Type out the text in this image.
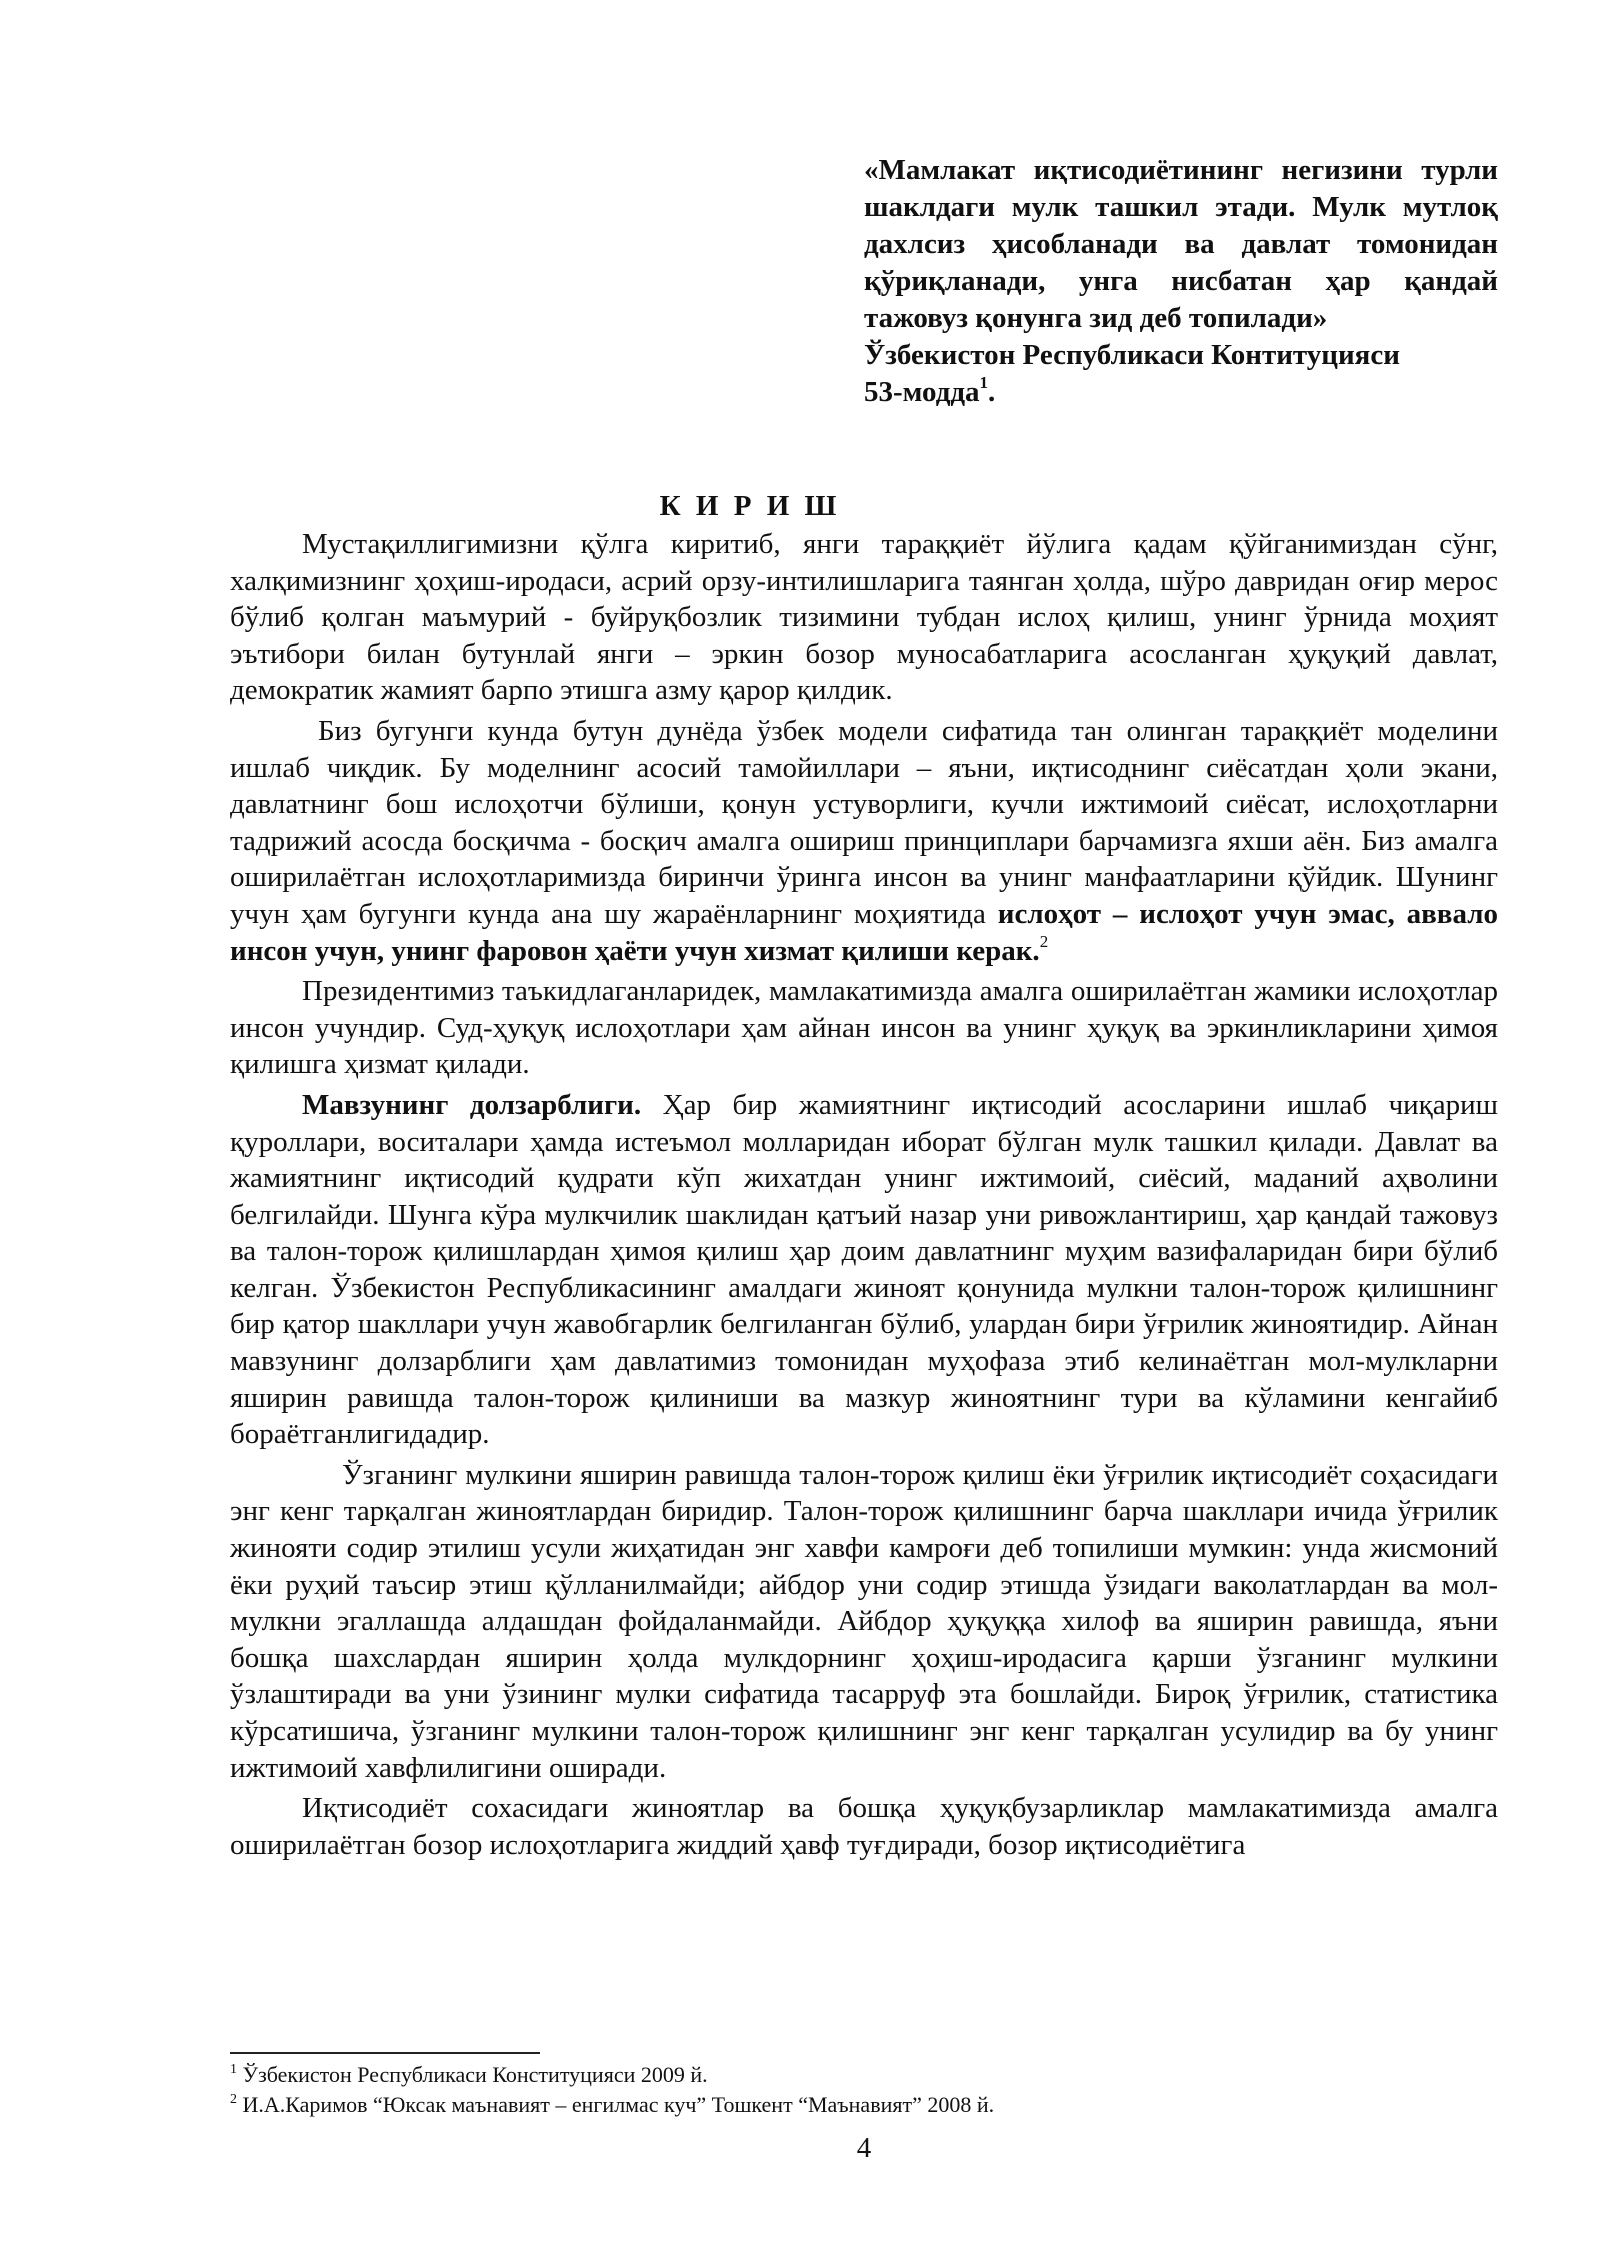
«Мамлакат иқтисодиётининг негизини турли шаклдаги мулк ташкил этади. Мулк мутлоқ дахлсиз ҳисобланади ва давлат томонидан қўриқланади, унга нисбатан ҳар қандай тажовуз қонунга зид деб топилади»

Ўзбекистон Республикаси Контитуцияси
53-модда$^1$.

К И Р И Ш

Мустақиллигимизни қўлга киритиб, янги тараққиёт йўлига қадам қўйганимиздан сўнг, халқимизнинг ҳоҳиш-иродаси, асрий орзу-интилишларига таянган ҳолда, шўро давридан оғир мерос бўлиб қолган маъмурий - буйруқбозлик тизимини тубдан ислоҳ қилиш, унинг ўрнида моҳият эътибори билан бутунлай янги – эркин бозор муносабатларига асосланган ҳуқуқий давлат, демократик жамият барпо этишга азму қарор қилдик.

Биз бугунги кунда бутун дунёда ўзбек модели сифатида тан олинган тараққиёт моделини ишлаб чиқдик. Бу моделнинг асосий тамойиллари – яъни, иқтисоднинг сиёсатдан ҳоли экани, давлатнинг бош ислоҳотчи бўлиши, қонун устуворлиги, кучли ижтимоий сиёсат, ислоҳотларни тадрижий асосда босқичма - босқич амалга ошириш принциплари барчамизга яхши аён. Биз амалга оширилаётган ислоҳотларимизда биринчи ўринга инсон ва унинг манфаатларини қўйдик. Шунинг учун ҳам бугунги кунда ана шу жараёнларнинг моҳиятида ислоҳот – ислоҳот учун эмас, аввало инсон учун, унинг фаровон ҳаёти учун хизмат қилиши керак.$^2$

Президентимиз таъкидлаганларидек, мамлакатимизда амалга оширилаётган жамики ислоҳотлар инсон учундир. Суд-ҳуқуқ ислоҳотлари ҳам айнан инсон ва унинг ҳуқуқ ва эркинликларини ҳимоя қилишга ҳизмат қилади.

Мавзунинг долзарблиги. Ҳар бир жамиятнинг иқтисодий асосларини ишлаб чиқариш қуроллари, воситалари ҳамда истеъмол молларидан иборат бўлган мулк ташкил қилади. Давлат ва жамиятнинг иқтисодий қудрати кўп жихатдан унинг ижтимоий, сиёсий, маданий аҳволини белгилайди. Шунга кўра мулкчилик шаклидан қатъий назар уни ривожлантириш, ҳар қандай тажовуз ва талон-торож қилишлардан ҳимоя қилиш ҳар доим давлатнинг муҳим вазифаларидан бири бўлиб келган. Ўзбекистон Республикасининг амалдаги жиноят қонунида мулкни талон-торож қилишнинг бир қатор шакллари учун жавобгарлик белгиланган бўлиб, улардан бири ўғрилик жиноятидир. Айнан мавзунинг долзарблиги ҳам давлатимиз томонидан муҳофаза этиб келинаётган мол-мулкларни яширин равишда талон-торож қилиниши ва мазкур жиноятнинг тури ва кўламини кенгайиб бораётганлигидадир.

Ўзганинг мулкини яширин равишда талон-торож қилиш ёки ўғрилик иқтисодиёт соҳасидаги энг кенг тарқалган жиноятлардан биридир. Талон-торож қилишнинг барча шакллари ичида ўғрилик жинояти содир этилиш усули жиҳатидан энг хавфи камроғи деб топилиши мумкин: унда жисмоний ёки руҳий таъсир этиш қўлланилмайди; айбдор уни содир этишда ўзидаги ваколатлардан ва мол-мулкни эгаллашда алдашдан фойдаланмайди. Айбдор ҳуқуққа хилоф ва яширин равишда, яъни бошқа шахслардан яширин ҳолда мулкдорнинг ҳоҳиш-иродасига қарши ўзганинг мулкини ўзлаштиради ва уни ўзининг мулки сифатида тасарруф эта бошлайди. Бироқ ўғрилик, статистика кўрсатишича, ўзганинг мулкини талон-торож қилишнинг энг кенг тарқалган усулидир ва бу унинг ижтимоий хавфлилигини оширади.

Иқтисодиёт сохасидаги жиноятлар ва бошқа ҳуқуқбузарликлар мамлакатимизда амалга оширилаётган бозор ислоҳотларига жиддий ҳавф туғдиради, бозор иқтисодиётига

$^1$ Ўзбекистон Республикаси Конституцияси 2009 й.
$^2$ И.А.Каримов “Юксак маънавият – енгилмас куч” Тошкент “Маънавият” 2008 й.
4
